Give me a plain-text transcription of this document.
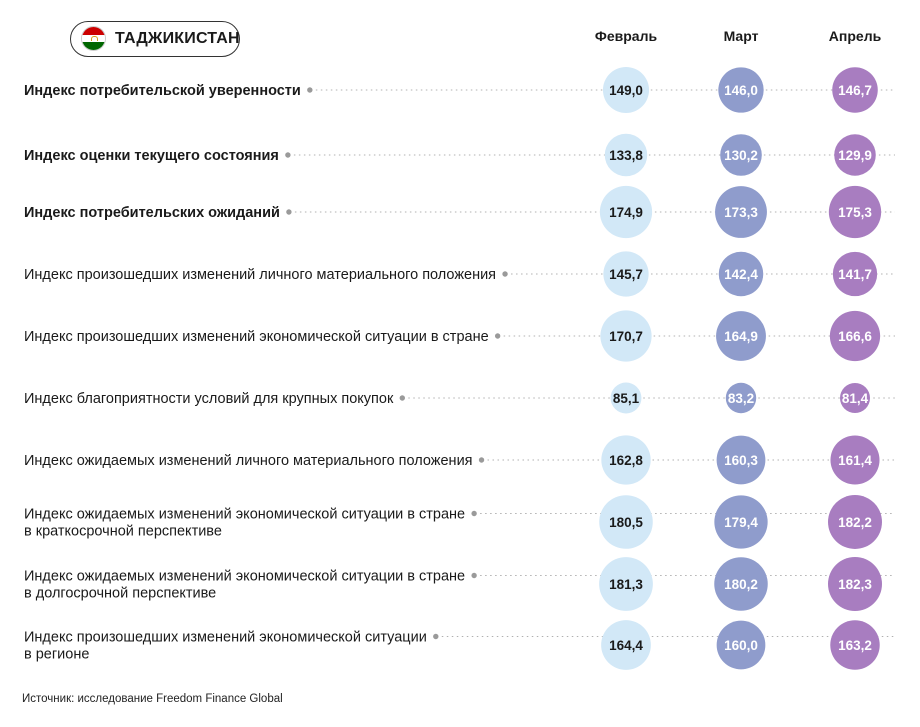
ТАДЖИКИСТАН	Февраль	Март	Апрель
Индекс потребительской уверенности	149,0	146,0	146,7
Индекс оценки текущего состояния	133,8	130,2	129,9
Индекс потребительских ожиданий	174,9	173,3	175,3
Индекс произошедших изменений личного материального положения	145,7	142,4	141,7
Индекс произошедших изменений экономической ситуации в стране	170,7	164,9	166,6
Индекс благоприятности условий для крупных покупок	85,1	83,2	81,4
Индекс ожидаемых изменений личного материального положения	162,8	160,3	161,4
Индекс ожидаемых изменений экономической ситуации в стране
в краткосрочной перспективе
180,5	179,4	182,2
Индекс ожидаемых изменений экономической ситуации в стране
в долгосрочной перспективе
181,3	180,2	182,3
Индекс произошедших изменений экономической ситуации
в регионе
164,4	160,0	163,2
Источник: исследование Freedom Finance Global
